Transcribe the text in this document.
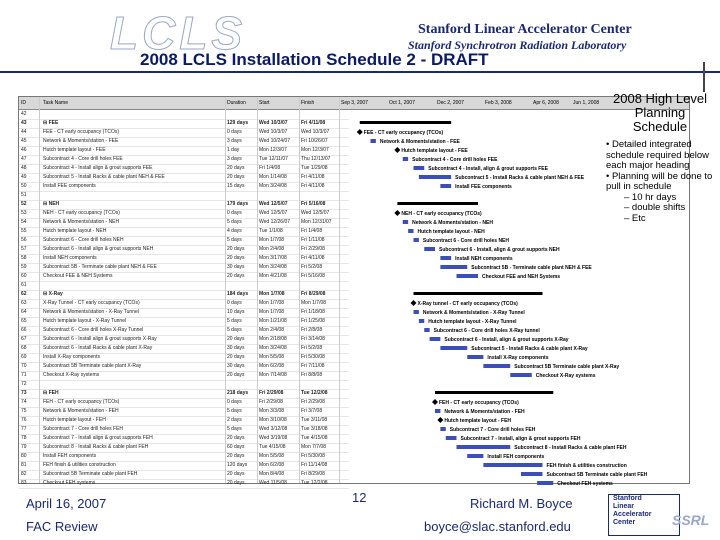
LCLS	Stanford Linear Accelerator Center
Stanford Synchrotron Radiation Laboratory
2008 LCLS Installation Schedule 2 - DRAFT
ID	Task Name	Duration	Start	Finish	Sep 3, 2007	Oct 1, 2007	Dec 2, 2007	Feb 3, 2008	Apr 6, 2008	Jun 1, 2008
42
43	⊟ FEE	129 days Wed 10/3/07	Fri 4/11/08
44	FEE - CT early occupancy (TCOs)	0 days	Wed 10/3/07	Wed 10/3/07
45	Network & Moments/station - FEE	3 days	Wed 10/24/07 Fri 10/26/07
46	Hutch template layout - FEE	1 day	Mon 12/3/07	Mon 12/3/07
47	Subcontract 4 - Core drill holes FEE	3 days	Tue 12/11/07	Thu 12/13/07
48	Subcontract 4 - Install align & grout supports FEE	20 days	Fri 1/4/08	Tue 1/29/08
49	Subcontract 5 - Install Racks & cable plant NEH & FEE	20 days	Mon 1/14/08	Fri 4/11/08
50	Install FEE components	15 days	Mon 3/24/08	Fri 4/11/08
51
52	⊟ NEH	179 days Wed 12/5/07	Fri 5/16/08
53	NEH - CT early occupancy (TCOs)	0 days	Wed 12/5/07	Wed 12/5/07
54	Network & Moments/station - NEH	5 days	Wed 12/26/07 Mon 12/31/07
55	Hutch template layout - NEH	4 days	Tue 1/1/08	Fri 1/4/08
56	Subcontract 6 - Core drill holes NEH	5 days	Mon 1/7/08	Fri 1/11/08
57	Subcontract 6 - Install align & grout supports NEH	20 days	Mon 2/4/08	Fri 2/29/08
58	Install NEH components	20 days	Mon 3/17/08	Fri 4/11/08
59	Subcontract 5B - Terminate cable plant NEH & FEE	30 days	Mon 3/24/08	Fri 5/2/08
60	Checkout FEE & NEH Systems	20 days	Mon 4/21/08	Fri 5/16/08
61
62	⊟ X-Ray	184 days Mon 1/7/08	Fri 8/29/08
63	X-Ray Tunnel - CT early occupancy (TCOs)	0 days	Mon 1/7/08	Mon 1/7/08
64	Network & Moments/station - X-Ray Tunnel	10 days	Mon 1/7/08	Fri 1/18/08
65	Hutch template layout - X-Ray Tunnel	5 days	Mon 1/21/08	Fri 1/25/08
66	Subcontract 6 - Core drill holes X-Ray Tunnel	5 days	Mon 2/4/08	Fri 2/8/08
67	Subcontract 6 - Install align & grout supports X-Ray	20 days	Mon 2/18/08	Fri 3/14/08
68	Subcontract 6 - Install Racks & cable plant X-Ray	30 days	Mon 3/24/08	Fri 5/2/08
69	Install X-Ray components	20 days	Mon 5/5/08	Fri 5/30/08
70	Subcontract 5B Terminate cable plant X-Ray	30 days	Mon 6/2/08	Fri 7/11/08
71	Checkout X-Ray systems	20 days	Mon 7/14/08	Fri 8/8/08
72
73	⊟ FEH	218 days Fri 2/29/08	Tue 12/2/08
74	FEH - CT early occupancy (TCOs)	0 days	Fri 2/29/08	Fri 2/29/08
75	Network & Moments/station - FEH	5 days	Mon 3/3/08	Fri 3/7/08
76	Hutch template layout - FEH	2 days	Mon 3/10/08	Tue 3/11/08
77	Subcontract 7 - Core drill holes FEH	5 days	Wed 3/12/08	Tue 3/18/08
78	Subcontract 7 - Install align & grout supports FEH	20 days	Wed 3/19/08	Tue 4/15/08
79	Subcontract 8 - Install Racks & cable plant FEH	60 days	Tue 4/15/08	Mon 7/7/08
80	Install FEH components	20 days	Mon 5/5/08	Fri 5/30/08
81	FEH finish & utilities construction	120 days Mon 6/2/08	Fri 11/14/08
82	Subcontract 5B Terminate cable plant FEH	20 days	Mon 8/4/08	Fri 8/29/08
83	Checkout FEH systems	20 days	Wed 11/5/08	Tue 12/2/08
FEE - CT early occupancy (TCOs)
Network & Moments/station - FEE
Hutch template layout - FEE
Subcontract 4 - Core drill holes FEE
Subcontract 4 - Install, align & grout supports FEE
Subcontract 5 - Install Racks & cable plant NEH & FEE
Install FEE components
NEH - CT early occupancy (TCOs)
Network & Moments/station - NEH
Hutch template layout - NEH
Subcontract 6 - Core drill holes NEH
Subcontract 6 - Install, align & grout supports NEH
Install NEH components
Subcontract 5B - Terminate cable plant NEH & FEE
Checkout FEE and NEH Systems
X-Ray tunnel - CT early occupancy (TCOs)
Network & Moments/station - X-Ray Tunnel
Hutch template layout - X-Ray Tunnel
Subcontract 6 - Core drill holes X-Ray tunnel
Subcontract 6 - Install, align & grout supports X-Ray
Subcontract 5 - Install Racks & cable plant X-Ray
Install X-Ray components
Subcontract 5B Terminate cable plant X-Ray
Checkout X-Ray systems
FEH - CT early occupancy (TCOs)
Network & Moments/station - FEH
Hutch template layout - FEH
Subcontract 7 - Core drill holes FEH
Subcontract 7 - Install, align & grout supports FEH
Subcontract 8 - Install Racks & cable plant FEH
Install FEH components
FEH finish & utilities construction
Subcontract 5B Terminate cable plant FEH
Checkout FEH systems
2008 High Level
Planning
Schedule
• Detailed integrated schedule required below each major heading
• Planning will be done to pull in schedule
– 10 hr days
– double shifts
– Etc
April 16, 2007
FAC Review
12	Richard M. Boyce
boyce@slac.stanford.edu
Stanford
Linear
Accelerator
Center	SSRL
